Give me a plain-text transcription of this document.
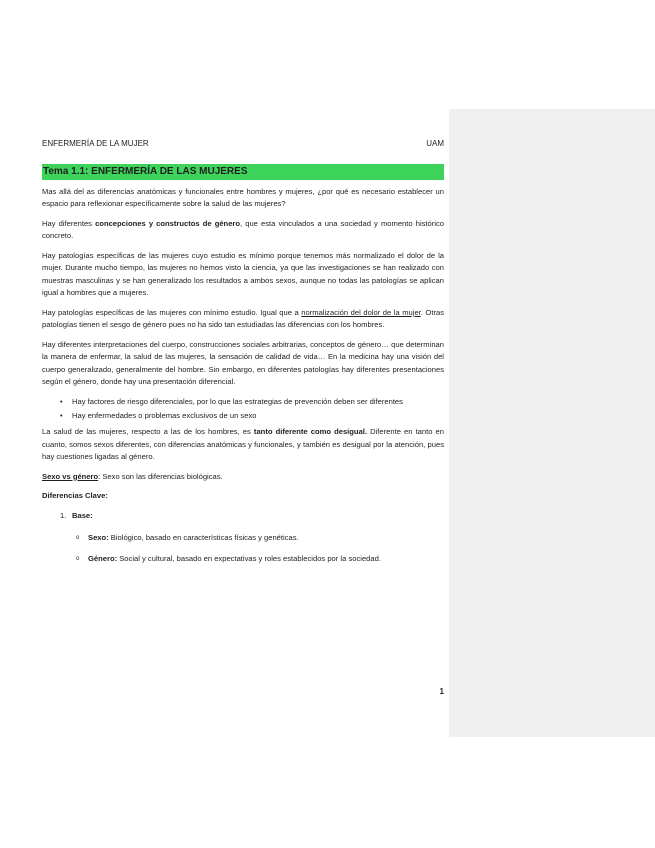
ENFERMERÍA DE LA MUJER	UAM
Tema 1.1: ENFERMERÍA DE LAS MUJERES

Mas allá del as diferencias anatómicas y funcionales entre hombres y mujeres, ¿por qué es necesario establecer un espacio para reflexionar específicamente sobre la salud de las mujeres?

Hay diferentes concepciones y constructos de género, que esta vinculados a una sociedad y momento histórico concreto.

Hay patologías específicas de las mujeres cuyo estudio es mínimo porque tenemos más normalizado el dolor de la mujer. Durante mucho tiempo, las mujeres no hemos visto la ciencia, ya que las investigaciones se han realizado con muestras masculinas y se han generalizado los resultados a ambos sexos, aunque no todas las patologías se aplican igual a hombres que a mujeres.

Hay patologías específicas de las mujeres con mínimo estudio. Igual que a normalización del dolor de la mujer. Otras patologías tienen el sesgo de género pues no ha sido tan estudiadas las diferencias con los hombres.

Hay diferentes interpretaciones del cuerpo, construcciones sociales arbitrarias, conceptos de género… que determinan la manera de enfermar, la salud de las mujeres, la sensación de calidad de vida… En la medicina hay una visión del cuerpo generalizado, generalmente del hombre. Sin embargo, en diferentes patologías hay diferentes presentaciones según el género, donde hay una presentación diferencial.

• Hay factores de riesgo diferenciales, por lo que las estrategias de prevención deben ser diferentes
• Hay enfermedades o problemas exclusivos de un sexo

La salud de las mujeres, respecto a las de los hombres, es tanto diferente como desigual. Diferente en tanto en cuanto, somos sexos diferentes, con diferencias anatómicas y funcionales, y también es desigual por la atención, pues hay cuestiones ligadas al género.

Sexo vs género: Sexo son las diferencias biológicas.

Diferencias Clave:

1. Base:
o Sexo: Biológico, basado en características físicas y genéticas.
o Género: Social y cultural, basado en expectativas y roles establecidos por la sociedad.
1
